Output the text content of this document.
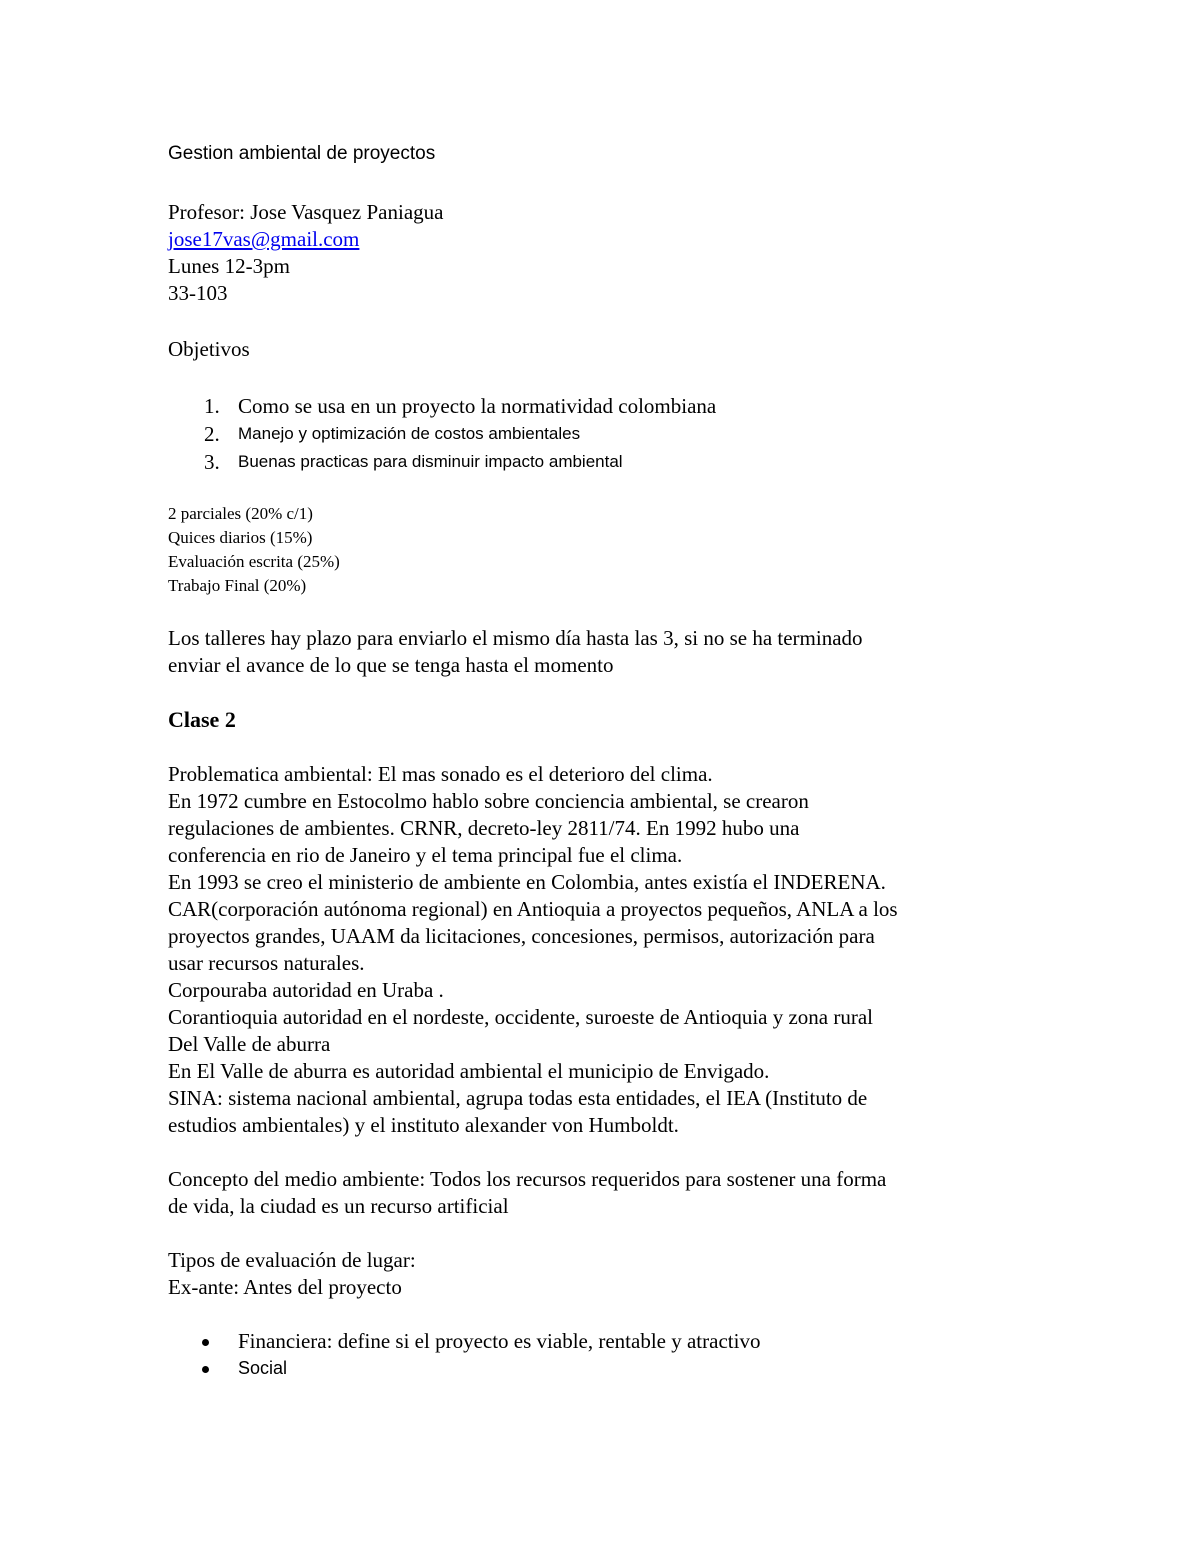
Gestion ambiental de proyectos

Profesor: Jose Vasquez Paniagua
jose17vas@gmail.com
Lunes 12-3pm
33-103

Objetivos

1. Como se usa en un proyecto la normatividad colombiana
2. Manejo y optimización de costos ambientales
3. Buenas practicas para disminuir impacto ambiental
2 parciales (20% c/1)
Quices diarios (15%)
Evaluación escrita (25%)
Trabajo Final (20%)
Los talleres hay plazo para enviarlo el mismo día hasta las 3, si no se ha terminado
enviar el avance de lo que se tenga hasta el momento

Clase 2

Problematica ambiental: El mas sonado es el deterioro del clima.
En 1972 cumbre en Estocolmo hablo sobre conciencia ambiental, se crearon
regulaciones de ambientes. CRNR, decreto-ley 2811/74. En 1992 hubo una
conferencia en rio de Janeiro y el tema principal fue el clima.
En 1993 se creo el ministerio de ambiente en Colombia, antes existía el INDERENA.
CAR(corporación autónoma regional) en Antioquia a proyectos pequeños, ANLA a los
proyectos grandes, UAAM da licitaciones, concesiones, permisos, autorización para
usar recursos naturales.
Corpouraba autoridad en Uraba .
Corantioquia autoridad en el nordeste, occidente, suroeste de Antioquia y zona rural
Del Valle de aburra
En El Valle de aburra es autoridad ambiental el municipio de Envigado.
SINA: sistema nacional ambiental, agrupa todas esta entidades, el IEA (Instituto de
estudios ambientales) y el instituto alexander von Humboldt.
Concepto del medio ambiente: Todos los recursos requeridos para sostener una forma
de vida, la ciudad es un recurso artificial
Tipos de evaluación de lugar:
Ex-ante: Antes del proyecto
Financiera: define si el proyecto es viable, rentable y atractivo
Social
